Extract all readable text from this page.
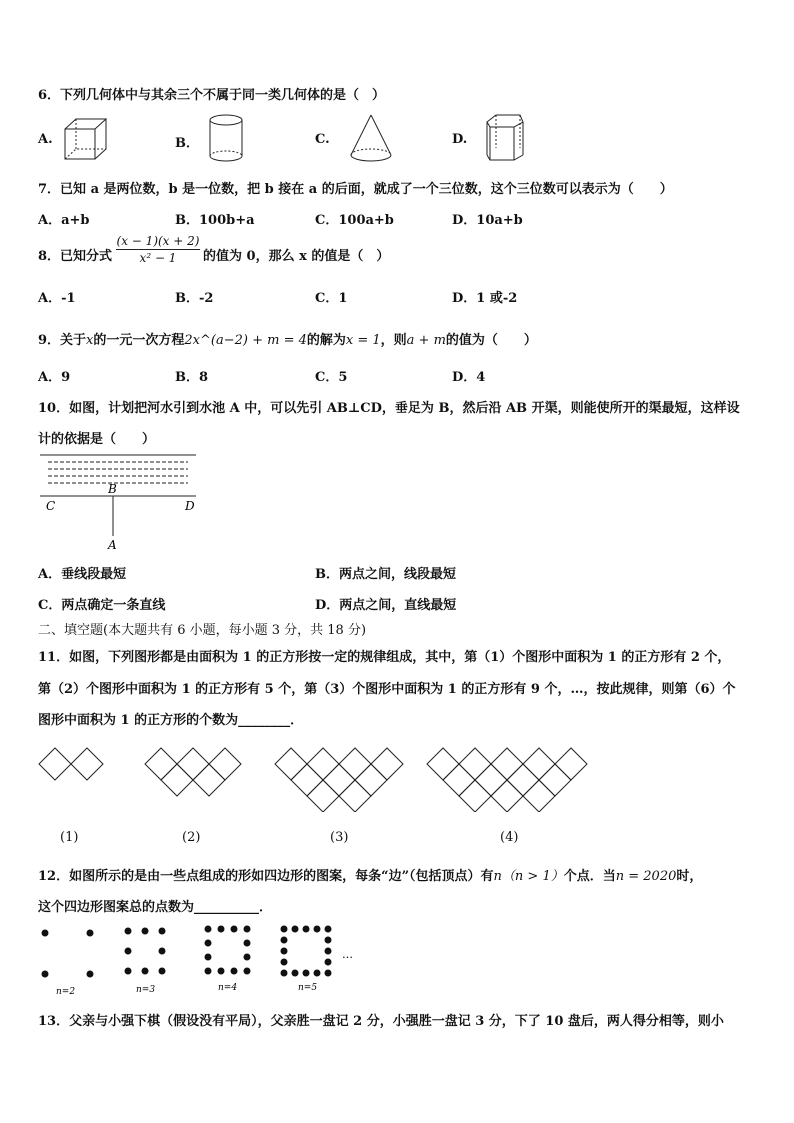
6．下列几何体中与其余三个不属于同一类几何体的是（　）
A.	B．	C.	D.
7．已知 a 是两位数，b 是一位数，把 b 接在 a 的后面，就成了一个三位数，这个三位数可以表示为（　　）
A．a+b	B．100b+a	C．100a+b	D．10a+b
8．已知分式
(x − 1)(x + 2)
x² − 1	的值为 0，那么 x 的值是（　）
A．-1	B．-2	C．1	D．1 或-2
9．关于x的一元一次方程2x^(a−2) + m = 4的解为x = 1，则a + m的值为（　　）
A．9	B．8	C．5	D．4
10．如图，计划把河水引到水池 A 中，可以先引 AB⊥CD，垂足为 B，然后沿 AB 开渠，则能使所开的渠最短，这样设
计的依据是（　　）
B
C	D
A
A．垂线段最短	B．两点之间，线段最短
C．两点确定一条直线	D．两点之间，直线最短
二、填空题(本大题共有 6 小题，每小题 3 分，共 18 分)
11．如图，下列图形都是由面积为 1 的正方形按一定的规律组成，其中，第（1）个图形中面积为 1 的正方形有 2 个，
第（2）个图形中面积为 1 的正方形有 5 个，第（3）个图形中面积为 1 的正方形有 9 个，…，按此规律，则第（6）个
图形中面积为 1 的正方形的个数为________．
(1)	(2)	(3)	(4)
12．如图所示的是由一些点组成的形如四边形的图案，每条“边”（包括顶点）有n（n > 1）个点．当n = 2020时，
这个四边形图案总的点数为__________．
…
n=2	n=3	n=4	n=5
13．父亲与小强下棋（假设没有平局），父亲胜一盘记 2 分，小强胜一盘记 3 分，下了 10 盘后，两人得分相等，则小
